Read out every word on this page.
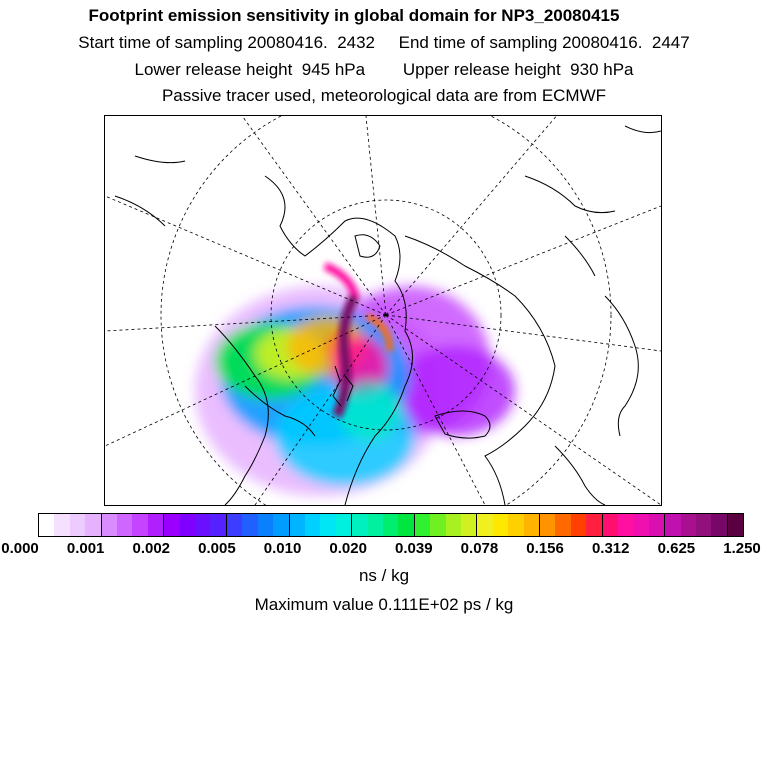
Footprint emission sensitivity in global domain for NP3_20080415
Start time of sampling 20080416.  2432     End time of sampling 20080416.  2447
Lower release height  945 hPa        Upper release height  930 hPa
Passive tracer used, meteorological data are from ECMWF
0.000 0.001 0.002 0.005 0.010 0.020 0.039 0.078 0.156 0.312 0.625 1.250
ns / kg
Maximum value 0.111E+02 ps / kg
